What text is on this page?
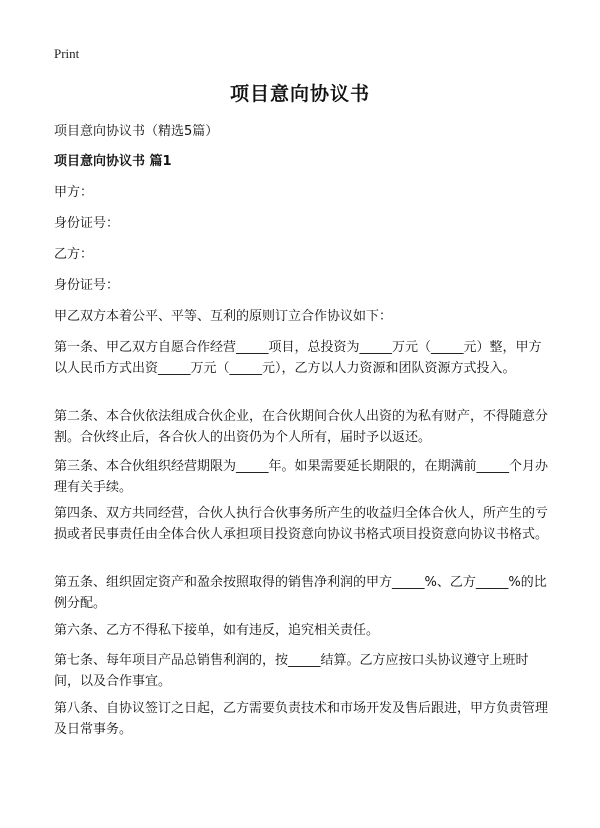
Print
项目意向协议书
项目意向协议书（精选5篇）
项目意向协议书 篇1
甲方：
身份证号：
乙方：
身份证号：
甲乙双方本着公平、平等、互利的原则订立合作协议如下：
第一条、甲乙双方自愿合作经营_____项目，总投资为_____万元（_____元）整，甲方以人民币方式出资_____万元（_____元），乙方以人力资源和团队资源方式投入。
第二条、本合伙依法组成合伙企业，在合伙期间合伙人出资的为私有财产，不得随意分割。合伙终止后，各合伙人的出资仍为个人所有，届时予以返还。
第三条、本合伙组织经营期限为_____年。如果需要延长期限的，在期满前_____个月办理有关手续。
第四条、双方共同经营，合伙人执行合伙事务所产生的收益归全体合伙人，所产生的亏损或者民事责任由全体合伙人承担项目投资意向协议书格式项目投资意向协议书格式。
第五条、组织固定资产和盈余按照取得的销售净利润的甲方_____%、乙方_____%的比例分配。
第六条、乙方不得私下接单，如有违反，追究相关责任。
第七条、每年项目产品总销售利润的，按_____结算。乙方应按口头协议遵守上班时间，以及合作事宜。
第八条、自协议签订之日起，乙方需要负责技术和市场开发及售后跟进，甲方负责管理及日常事务。
